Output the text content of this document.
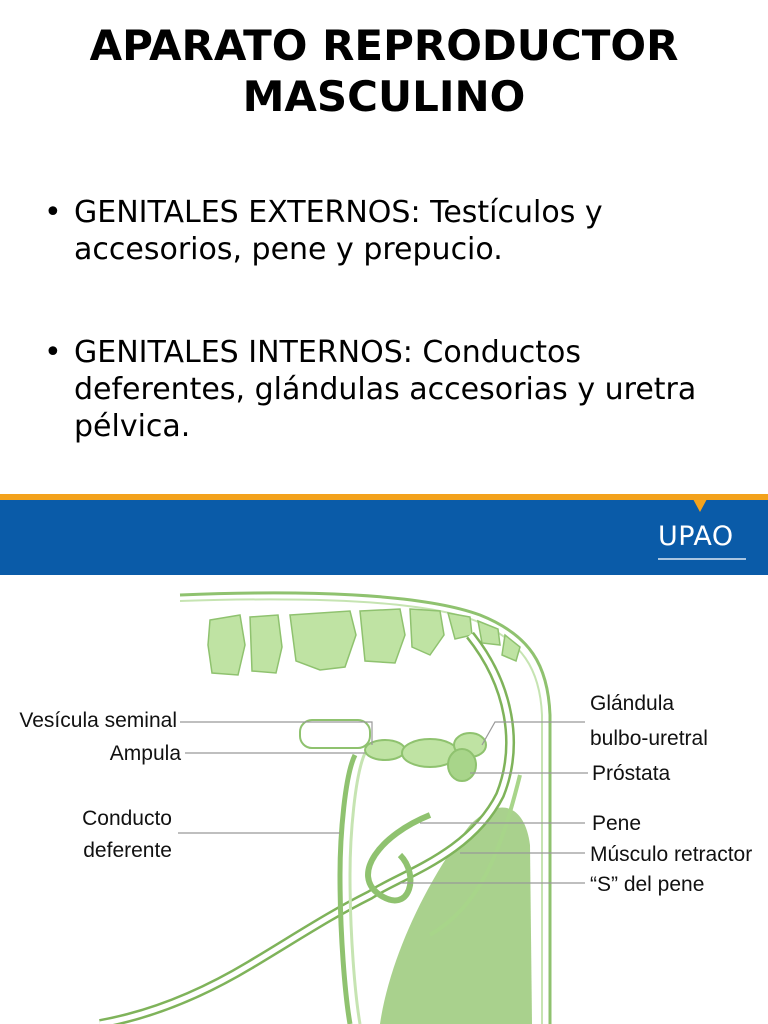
APARATO REPRODUCTOR
MASCULINO
• GENITALES EXTERNOS: Testículos y accesorios, pene y prepucio.
• GENITALES INTERNOS: Conductos deferentes, glándulas accesorias y uretra pélvica.
UPAO
Vesícula seminal
Ampula
Conducto
deferente
Glándula
bulbo-uretral
Próstata
Pene
Músculo retractor
“S” del pene
